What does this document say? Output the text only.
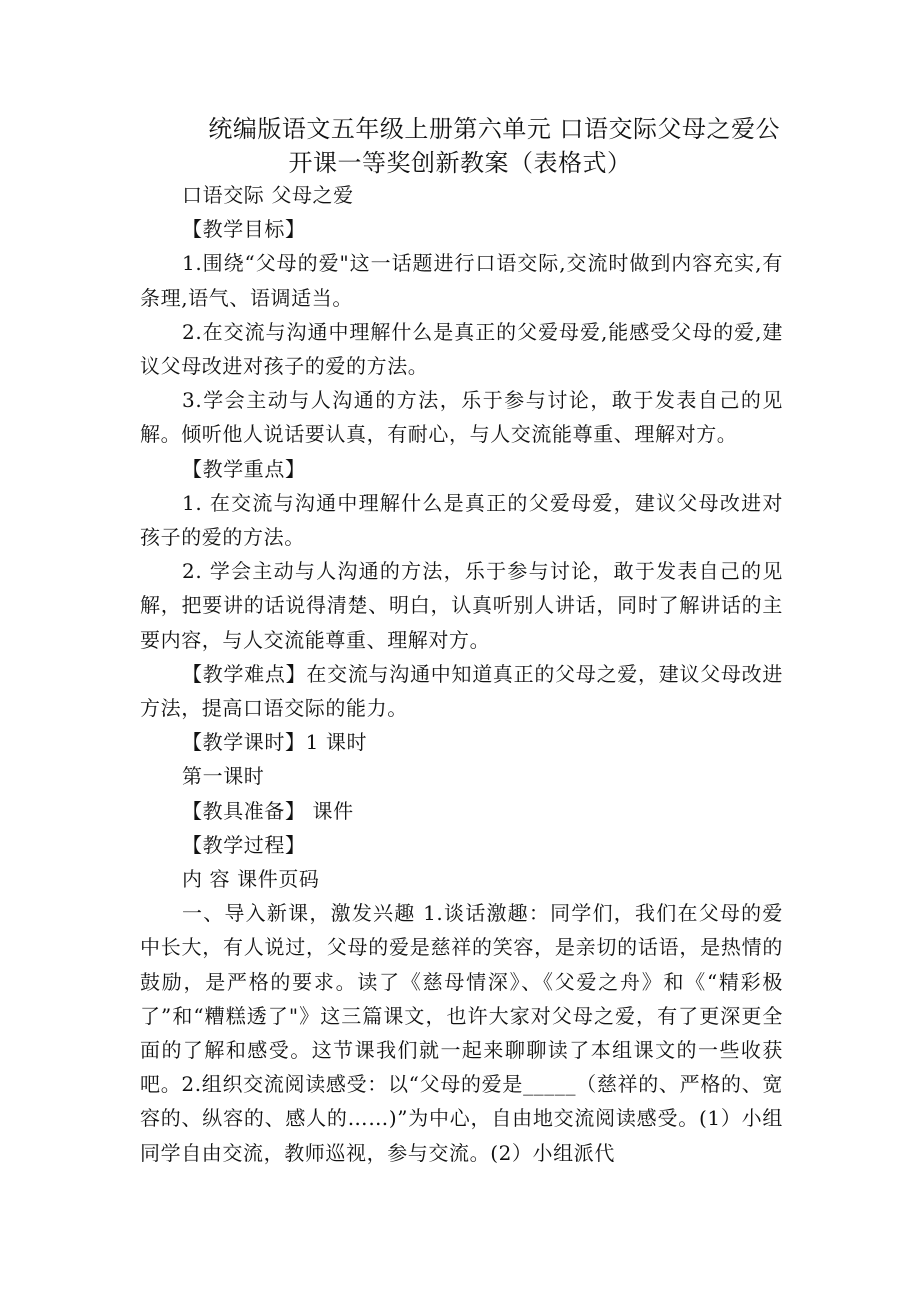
统编版语文五年级上册第六单元 口语交际父母之爱公
开课一等奖创新教案（表格式）

口语交际 父母之爱

【教学目标】

1.围绕“父母的爱"这一话题进行口语交际,交流时做到内容充实,有条理,语气、语调适当。

2.在交流与沟通中理解什么是真正的父爱母爱,能感受父母的爱,建议父母改进对孩子的爱的方法。

3.学会主动与人沟通的方法，乐于参与讨论，敢于发表自己的见解。倾听他人说话要认真，有耐心，与人交流能尊重、理解对方。

【教学重点】

1. 在交流与沟通中理解什么是真正的父爱母爱，建议父母改进对孩子的爱的方法。

2. 学会主动与人沟通的方法，乐于参与讨论，敢于发表自己的见解，把要讲的话说得清楚、明白，认真听别人讲话，同时了解讲话的主要内容，与人交流能尊重、理解对方。

【教学难点】在交流与沟通中知道真正的父母之爱，建议父母改进方法，提高口语交际的能力。

【教学课时】1 课时

第一课时

【教具准备】 课件

【教学过程】

内 容 课件页码

一、导入新课，激发兴趣 1.谈话激趣：同学们，我们在父母的爱中长大，有人说过，父母的爱是慈祥的笑容，是亲切的话语，是热情的鼓励，是严格的要求。读了《慈母情深》、《父爱之舟》和《“精彩极了”和“糟糕透了"》这三篇课文，也许大家对父母之爱，有了更深更全面的了解和感受。这节课我们就一起来聊聊读了本组课文的一些收获吧。2.组织交流阅读感受：以“父母的爱是_____（慈祥的、严格的、宽容的、纵容的、感人的……)”为中心，自由地交流阅读感受。(1）小组同学自由交流，教师巡视，参与交流。(2）小组派代
